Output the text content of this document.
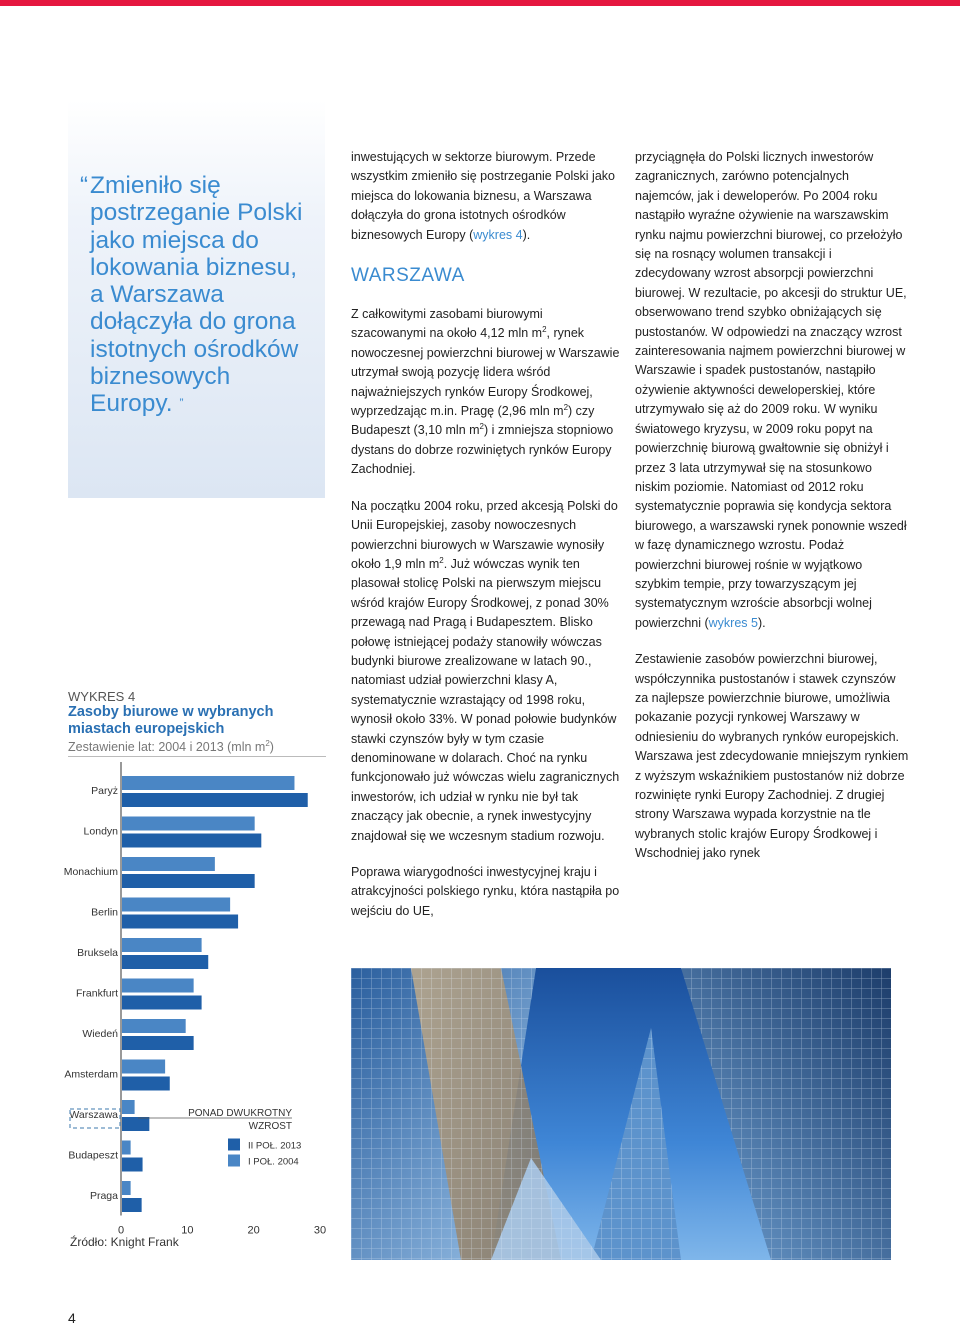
“ Zmieniło się
postrzeganie Polski
jako miejsca do
lokowania biznesu,
a Warszawa
dołączyła do grona
istotnych ośrodków
biznesowych
Europy. ”

WYKRES 4
Zasoby biurowe w wybranych miastach europejskich
Zestawienie lat: 2004 i 2013 (mln $m^2$)
Paryż
Londyn
Monachium
Berlin
Bruksela
Frankfurt
Wiedeń
Amsterdam
Warszawa
Budapeszt
Praga
0	10	20	30
PONAD DWUKROTNY
WZROST
II POŁ. 2013
I POŁ. 2004
Źródło: Knight Frank

inwestujących w sektorze biurowym. Przede wszystkim zmieniło się postrzeganie Polski jako miejsca do lokowania biznesu, a Warszawa dołączyła do grona istotnych ośrodków biznesowych Europy (wykres 4).

WARSZAWA

Z całkowitymi zasobami biurowymi szacowanymi na około 4,12 mln $m^2$, rynek nowoczesnej powierzchni biurowej w Warszawie utrzymał swoją pozycję lidera wśród najważniejszych rynków Europy Środkowej, wyprzedzając m.in. Pragę (2,96 mln $m^2$) czy Budapeszt (3,10 mln $m^2$) i zmniejsza stopniowo dystans do dobrze rozwiniętych rynków Europy Zachodniej.

Na początku 2004 roku, przed akcesją Polski do Unii Europejskiej, zasoby nowoczesnych powierzchni biurowych w Warszawie wynosiły około 1,9 mln $m^2$. Już wówczas wynik ten plasował stolicę Polski na pierwszym miejscu wśród krajów Europy Środkowej, z ponad 30% przewagą nad Pragą i Budapesztem. Blisko połowę istniejącej podaży stanowiły wówczas budynki biurowe zrealizowane w latach 90., natomiast udział powierzchni klasy A, systematycznie wzrastający od 1998 roku, wynosił około 33%. W ponad połowie budynków stawki czynszów były w tym czasie denominowane w dolarach. Choć na rynku funkcjonowało już wówczas wielu zagranicznych inwestorów, ich udział w rynku nie był tak znaczący jak obecnie, a rynek inwestycyjny znajdował się we wczesnym stadium rozwoju.

Poprawa wiarygodności inwestycyjnej kraju i atrakcyjności polskiego rynku, która nastąpiła po wejściu do UE,

przyciągnęła do Polski licznych inwestorów zagranicznych, zarówno potencjalnych najemców, jak i deweloperów. Po 2004 roku nastąpiło wyraźne ożywienie na warszawskim rynku najmu powierzchni biurowej, co przełożyło się na rosnący wolumen transakcji i zdecydowany wzrost absorpcji powierzchni biurowej. W rezultacie, po akcesji do struktur UE, obserwowano trend szybko obniżających się pustostanów. W odpowiedzi na znaczący wzrost zainteresowania najmem powierzchni biurowej w Warszawie i spadek pustostanów, nastąpiło ożywienie aktywności deweloperskiej, które utrzymywało się aż do 2009 roku. W wyniku światowego kryzysu, w 2009 roku popyt na powierzchnię biurową gwałtownie się obniżył i przez 3 lata utrzymywał się na stosunkowo niskim poziomie. Natomiast od 2012 roku systematycznie poprawia się kondycja sektora biurowego, a warszawski rynek ponownie wszedł w fazę dynamicznego wzrostu. Podaż powierzchni biurowej rośnie w wyjątkowo szybkim tempie, przy towarzyszącym jej systematycznym wzroście absorbcji wolnej powierzchni (wykres 5).

Zestawienie zasobów powierzchni biurowej, współczynnika pustostanów i stawek czynszów za najlepsze powierzchnie biurowe, umożliwia pokazanie pozycji rynkowej Warszawy w odniesieniu do wybranych rynków europejskich. Warszawa jest zdecydowanie mniejszym rynkiem z wyższym wskaźnikiem pustostanów niż dobrze rozwinięte rynki Europy Zachodniej. Z drugiej strony Warszawa wypada korzystnie na tle wybranych stolic krajów Europy Środkowej i Wschodniej jako rynek

4
